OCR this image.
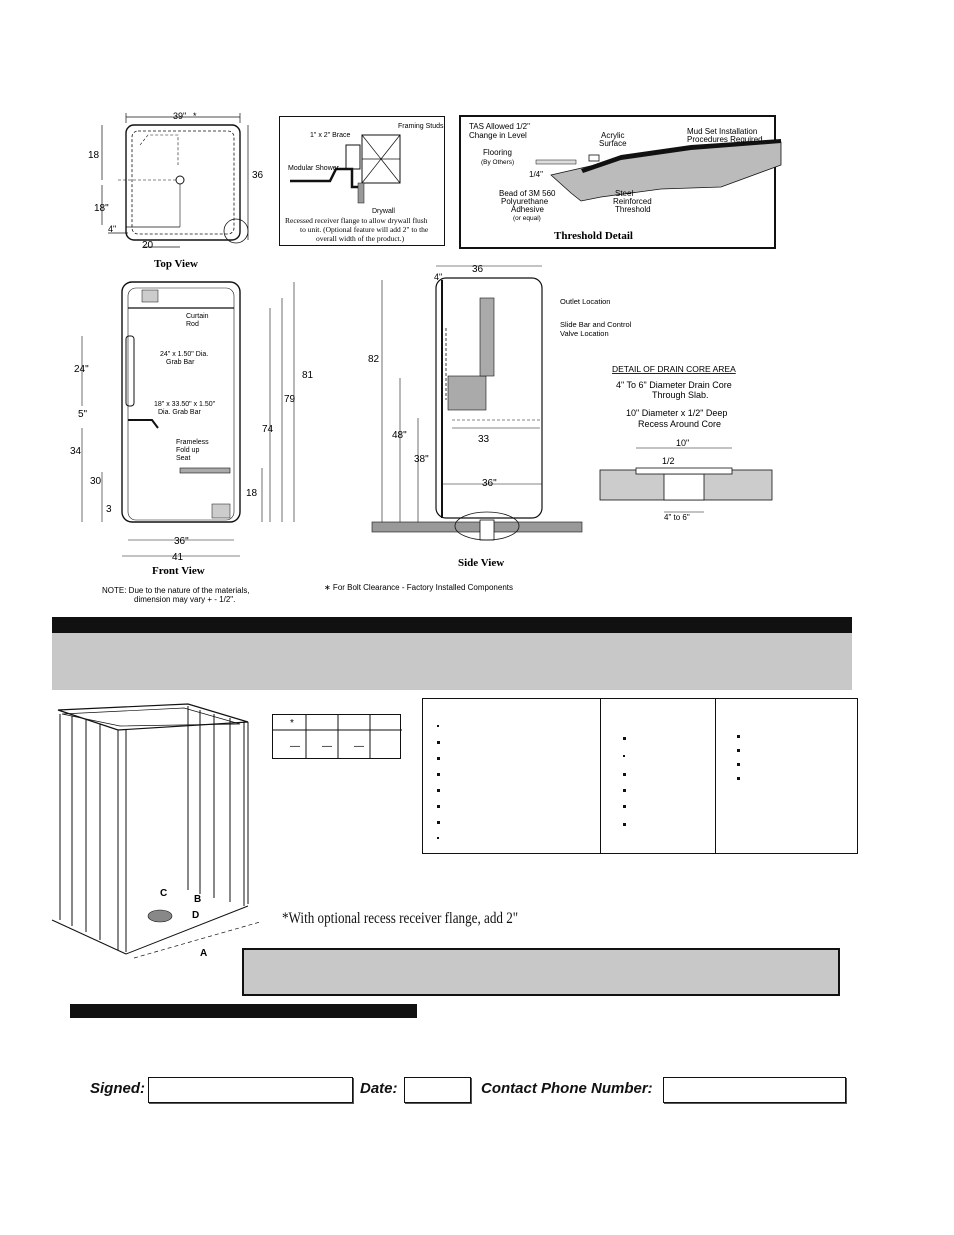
39" *
36
18
18"
4"
20
Top View
1" x 2" Brace
Framing Studs
Modular Shower
Drywall
Recessed receiver flange to allow drywall flush
to unit. (Optional feature will add 2" to the
overall width of the product.)
TAS Allowed 1/2"
Change in Level
Flooring
(By Others)
1/4"
Acrylic
Surface
Mud Set Installation
Procedures Required
Bead of 3M 560
Polyurethane
Adhesive
(or equal)
Steel
Reinforced
Threshold
Threshold Detail
Curtain
Rod
24" x 1.50" Dia.
Grab Bar
18" x 33.50" x 1.50"
Dia. Grab Bar
Frameless
Fold up
Seat
24"
5"
34
30
3
81
79
74
18
36"
41
Front View
NOTE: Due to the nature of the materials,
dimension may vary + - 1/2".
36
4"
82
48"
38"
33
36"
Outlet Location
Slide Bar and Control
Valve Location
Side View
∗ For Bolt Clearance - Factory Installed Components
DETAIL OF DRAIN CORE AREA
4" To 6" Diameter Drain Core
Through Slab.
10" Diameter x 1/2" Deep
Recess Around Core
10"
1/2
4" to 6"
C
B
D
A
*
— — —
*With optional recess receiver flange, add 2"
Signed:	Date:	Contact Phone Number:
